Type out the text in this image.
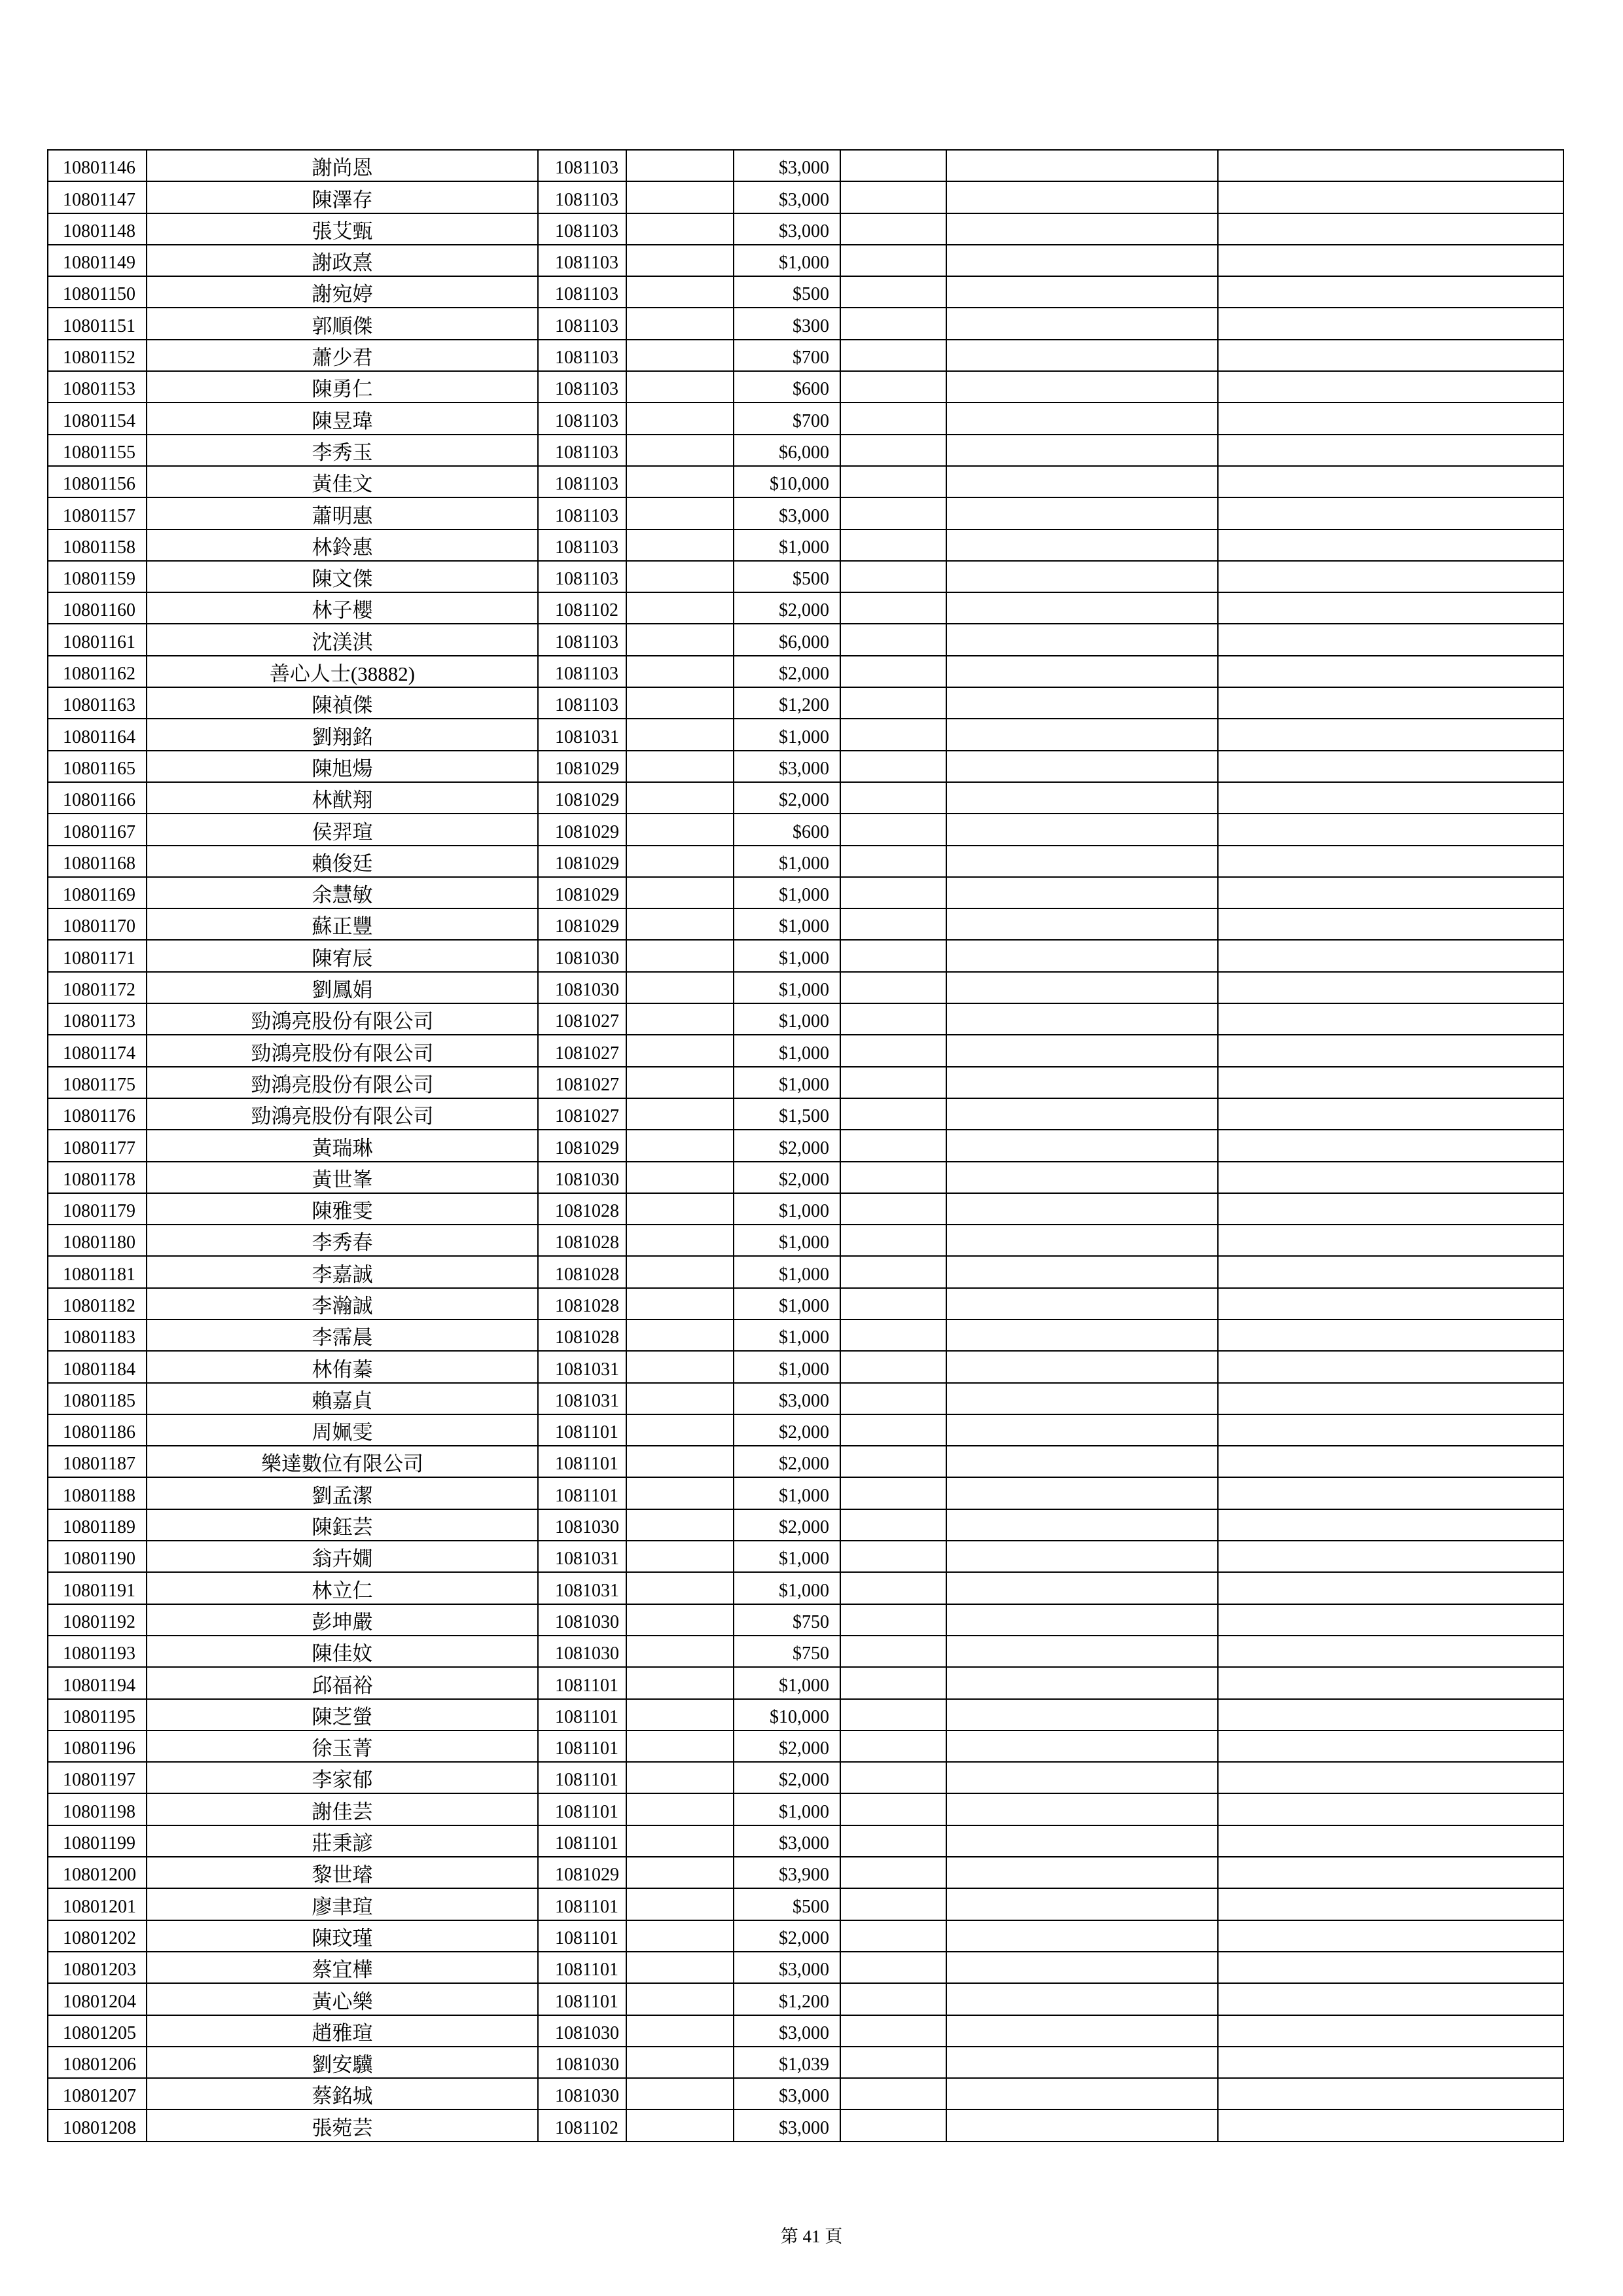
10801146	謝尚恩	1081103	$3,000
10801147	陳澤存	1081103	$3,000
10801148	張艾甄	1081103	$3,000
10801149	謝政熹	1081103	$1,000
10801150	謝宛婷	1081103	$500
10801151	郭順傑	1081103	$300
10801152	蕭少君	1081103	$700
10801153	陳勇仁	1081103	$600
10801154	陳昱瑋	1081103	$700
10801155	李秀玉	1081103	$6,000
10801156	黃佳文	1081103	$10,000
10801157	蕭明惠	1081103	$3,000
10801158	林鈴惠	1081103	$1,000
10801159	陳文傑	1081103	$500
10801160	林子櫻	1081102	$2,000
10801161	沈渼淇	1081103	$6,000
10801162	善心人士(38882)	1081103	$2,000
10801163	陳禎傑	1081103	$1,200
10801164	劉翔銘	1081031	$1,000
10801165	陳旭煬	1081029	$3,000
10801166	林猷翔	1081029	$2,000
10801167	侯羿瑄	1081029	$600
10801168	賴俊廷	1081029	$1,000
10801169	余慧敏	1081029	$1,000
10801170	蘇正豐	1081029	$1,000
10801171	陳宥辰	1081030	$1,000
10801172	劉鳳娟	1081030	$1,000
10801173	勁鴻亮股份有限公司	1081027	$1,000
10801174	勁鴻亮股份有限公司	1081027	$1,000
10801175	勁鴻亮股份有限公司	1081027	$1,000
10801176	勁鴻亮股份有限公司	1081027	$1,500
10801177	黃瑞琳	1081029	$2,000
10801178	黃世峯	1081030	$2,000
10801179	陳雅雯	1081028	$1,000
10801180	李秀春	1081028	$1,000
10801181	李嘉誠	1081028	$1,000
10801182	李瀚誠	1081028	$1,000
10801183	李霈晨	1081028	$1,000
10801184	林侑蓁	1081031	$1,000
10801185	賴嘉貞	1081031	$3,000
10801186	周姵雯	1081101	$2,000
10801187	樂達數位有限公司	1081101	$2,000
10801188	劉孟潔	1081101	$1,000
10801189	陳鈺芸	1081030	$2,000
10801190	翁卉嫺	1081031	$1,000
10801191	林立仁	1081031	$1,000
10801192	彭坤嚴	1081030	$750
10801193	陳佳妏	1081030	$750
10801194	邱福裕	1081101	$1,000
10801195	陳芝螢	1081101	$10,000
10801196	徐玉菁	1081101	$2,000
10801197	李家郁	1081101	$2,000
10801198	謝佳芸	1081101	$1,000
10801199	莊秉諺	1081101	$3,000
10801200	黎世璿	1081029	$3,900
10801201	廖聿瑄	1081101	$500
10801202	陳玟瑾	1081101	$2,000
10801203	蔡宜樺	1081101	$3,000
10801204	黃心樂	1081101	$1,200
10801205	趙雅瑄	1081030	$3,000
10801206	劉安驥	1081030	$1,039
10801207	蔡銘城	1081030	$3,000
10801208	張菀芸	1081102	$3,000
第 41 頁
